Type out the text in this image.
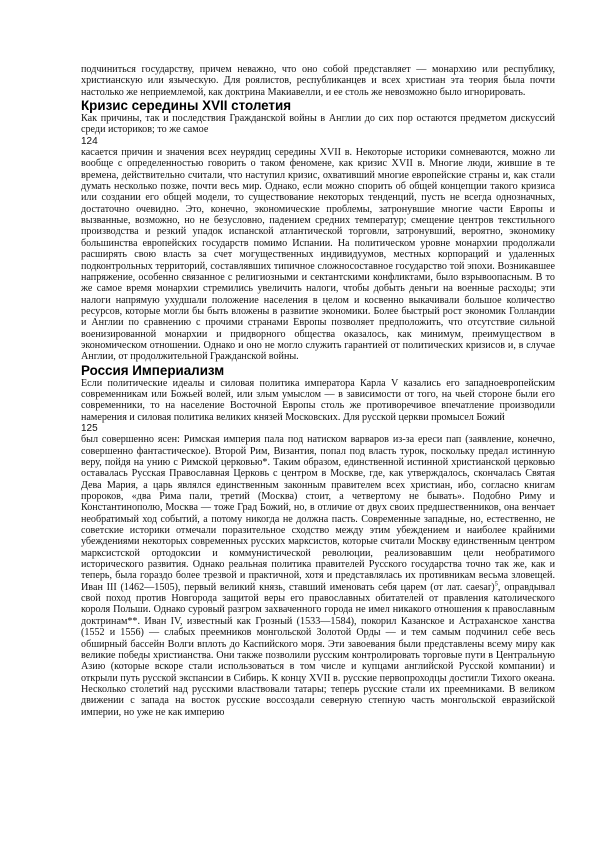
подчиниться государству, причем неважно, что оно собой представляет — монархию или республику, христианскую или языческую. Для роялистов, республиканцев и всех христиан эта теория была почти настолько же неприемлемой, как доктрина Макиавелли, и ее столь же невозможно было игнорировать.

Кризис середины XVII столетия

Как причины, так и последствия Гражданской войны в Англии до сих пор остаются предметом дискуссий среди историков; то же самое

124

касается причин и значения всех неурядиц середины XVII в. Некоторые историки сомневаются, можно ли вообще с определенностью говорить о таком феномене, как кризис XVII в. Многие люди, жившие в те времена, действительно считали, что наступил кризис, охвативший многие европейские страны и, как стали думать несколько позже, почти весь мир. Однако, если можно спорить об общей концепции такого кризиса или создании его общей модели, то существование некоторых тенденций, пусть не всегда однозначных, достаточно очевидно. Это, конечно, экономические проблемы, затронувшие многие части Европы и вызванные, возможно, но не безусловно, падением средних температур; смещение центров текстильного производства и резкий упадок испанской атлантической торговли, затронувший, вероятно, экономику большинства европейских государств помимо Испании. На политическом уровне монархии продолжали расширять свою власть за счет могущественных индивидуумов, местных корпораций и удаленных подконтрольных территорий, составлявших типичное сложносоставное государство той эпохи. Возникавшее напряжение, особенно связанное с религиозными и сектантскими конфликтами, было взрывоопасным. В то же самое время монархии стремились увеличить налоги, чтобы добыть деньги на военные расходы; эти налоги напрямую ухудшали положение населения в целом и косвенно выкачивали большое количество ресурсов, которые могли бы быть вложены в развитие экономики. Более быстрый рост экономик Голландии и Англии по сравнению с прочими странами Европы позволяет предположить, что отсутствие сильной военизированной монархии и придворного общества оказалось, как минимум, преимуществом в экономическом отношении. Однако и оно не могло служить гарантией от политических кризисов и, в случае Англии, от продолжительной Гражданской войны.

Россия Империализм

Если политические идеалы и силовая политика императора Карла V казались его западноевропейским современникам или Божьей волей, или злым умыслом — в зависимости от того, на чьей стороне были его современники, то на население Восточной Европы столь же противоречивое впечатление производили намерения и силовая политика великих князей Московских. Для русской церкви промысел Божий

125

был совершенно ясен: Римская империя пала под натиском варваров из-за ереси пап (заявление, конечно, совершенно фантастическое). Второй Рим, Византия, попал под власть турок, поскольку предал истинную веру, пойдя на унию с Римской церковью*. Таким образом, единственной истинной христианской церковью оставалась Русская Православная Церковь с центром в Москве, где, как утверждалось, скончалась Святая Дева Мария, а царь являлся единственным законным правителем всех христиан, ибо, согласно книгам пророков, «два Рима пали, третий (Москва) стоит, а четвертому не бывать». Подобно Риму и Константинополю, Москва — тоже Град Божий, но, в отличие от двух своих предшественников, она венчает необратимый ход событий, а потому никогда не должна пасть. Современные западные, но, естественно, не советские историки отмечали поразительное сходство между этим убеждением и наиболее крайними убеждениями некоторых современных русских марксистов, которые считали Москву единственным центром марксистской ортодоксии и коммунистической революции, реализовавшим цели необратимого исторического развития. Однако реальная политика правителей Русского государства точно так же, как и теперь, была гораздо более трезвой и практичной, хотя и представлялась их противникам весьма зловещей. Иван III (1462—1505), первый великий князь, ставший именовать себя царем (от лат. caesar)$^5$, оправдывал свой поход против Новгорода защитой веры его православных обитателей от правления католического короля Польши. Однако суровый разгром захваченного города не имел никакого отношения к православным доктринам**. Иван IV, известный как Грозный (1533—1584), покорил Казанское и Астраханское ханства (1552 и 1556) — слабых преемников монгольской Золотой Орды — и тем самым подчинил себе весь обширный бассейн Волги вплоть до Каспийского моря. Эти завоевания были представлены всему миру как великие победы христианства. Они также позволили русским контролировать торговые пути в Центральную Азию (которые вскоре стали использоваться в том числе и купцами английской Русской компании) и открыли путь русской экспансии в Сибирь. К концу XVII в. русские первопроходцы достигли Тихого океана. Несколько столетий над русскими властвовали татары; теперь русские стали их преемниками. В великом движении с запада на восток русские воссоздали северную степную часть монгольской евразийской империи, но уже не как империю
